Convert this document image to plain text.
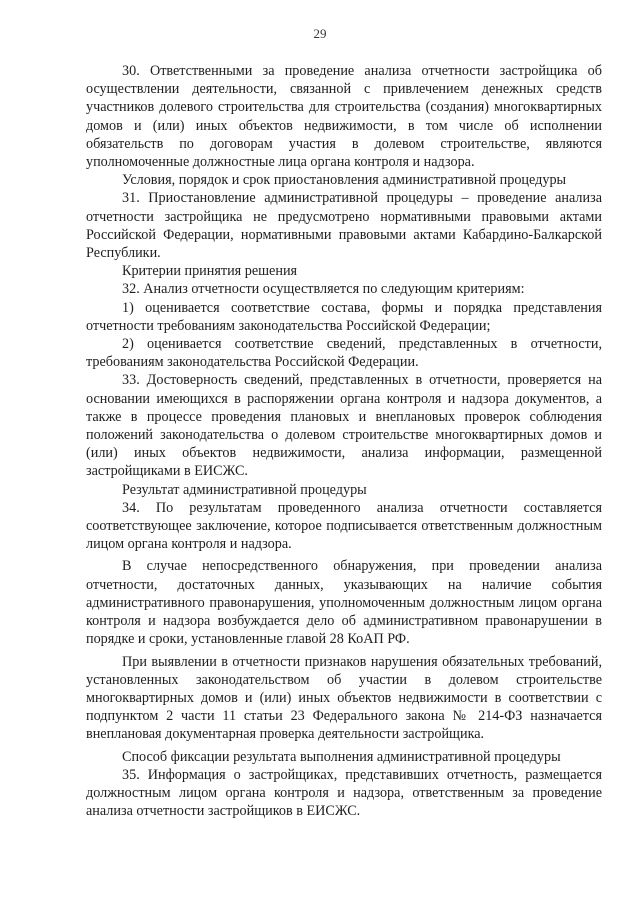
29

30. Ответственными за проведение анализа отчетности застройщика об осуществлении деятельности, связанной с привлечением денежных средств участников долевого строительства для строительства (создания) многоквартирных домов и (или) иных объектов недвижимости, в том числе об исполнении обязательств по договорам участия в долевом строительстве, являются уполномоченные должностные лица органа контроля и надзора.

Условия, порядок и срок приостановления административной процедуры

31. Приостановление административной процедуры – проведение анализа отчетности застройщика не предусмотрено нормативными правовыми актами Российской Федерации, нормативными правовыми актами Кабардино-Балкарской Республики.

Критерии принятия решения

32. Анализ отчетности осуществляется по следующим критериям:

1) оценивается соответствие состава, формы и порядка представления отчетности требованиям законодательства Российской Федерации;

2) оценивается соответствие сведений, представленных в отчетности, требованиям законодательства Российской Федерации.

33. Достоверность сведений, представленных в отчетности, проверяется на основании имеющихся в распоряжении органа контроля и надзора документов, а также в процессе проведения плановых и внеплановых проверок соблюдения положений законодательства о долевом строительстве многоквартирных домов и (или) иных объектов недвижимости, анализа информации, размещенной застройщиками в ЕИСЖС.

Результат административной процедуры

34. По результатам проведенного анализа отчетности составляется соответствующее заключение, которое подписывается ответственным должностным лицом органа контроля и надзора.

В случае непосредственного обнаружения, при проведении анализа отчетности, достаточных данных, указывающих на наличие события административного правонарушения, уполномоченным должностным лицом органа контроля и надзора возбуждается дело об административном правонарушении в порядке и сроки, установленные главой 28 КоАП РФ.

При выявлении в отчетности признаков нарушения обязательных требований, установленных законодательством об участии в долевом строительстве многоквартирных домов и (или) иных объектов недвижимости в соответствии с подпунктом 2 части 11 статьи 23 Федерального закона № 214-ФЗ назначается внеплановая документарная проверка деятельности застройщика.

Способ фиксации результата выполнения административной процедуры

35. Информация о застройщиках, представивших отчетность, размещается должностным лицом органа контроля и надзора, ответственным за проведение анализа отчетности застройщиков в ЕИСЖС.
